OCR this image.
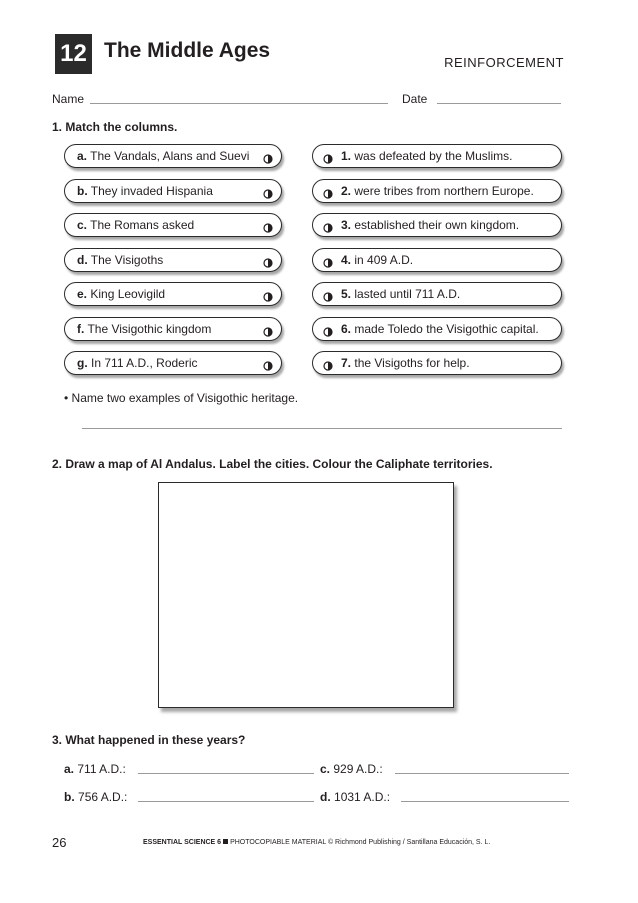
12 The Middle Ages
REINFORCEMENT
Name	Date
1. Match the columns.
a. The Vandals, Alans and Suevi
b. They invaded Hispania
c. The Romans asked
d. The Visigoths
e. King Leovigild
f. The Visigothic kingdom
g. In 711 A.D., Roderic
1. was defeated by the Muslims.
2. were tribes from northern Europe.
3. established their own kingdom.
4. in 409 A.D.
5. lasted until 711 A.D.
6. made Toledo the Visigothic capital.
7. the Visigoths for help.
• Name two examples of Visigothic heritage.
2. Draw a map of Al Andalus. Label the cities. Colour the Caliphate territories.
3. What happened in these years?
a. 711 A.D.:
b. 756 A.D.:
c. 929 A.D.:
d. 1031 A.D.:
26	ESSENTIAL SCIENCE 6 PHOTOCOPIABLE MATERIAL © Richmond Publishing / Santillana Educación, S. L.
